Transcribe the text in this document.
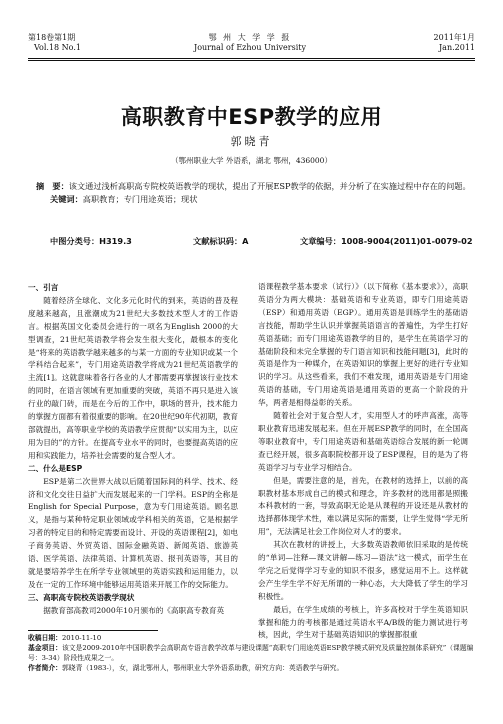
第18卷第1期
Vol.18 No.1
鄂 州 大 学 学 报
Journal of Ezhou University
2011年1月
Jan.2011
高职教育中ESP教学的应用
郭晓青
（鄂州职业大学 外语系，湖北 鄂州，436000）
摘　要：该文通过浅析高职高专院校英语教学的现状，提出了开展ESP教学的依据，并分析了在实施过程中存在的问题。
关键词：高职教育；专门用途英语；现状
中图分类号：H319.3	文献标识码：A	文章编号：1008-9004(2011)01-0079-02

一、引言

随着经济全球化、文化多元化时代的到来，英语的普及程度越来越高，且涨潮成为21世纪大多数技术型人才的工作语言。根据英国文化委员会进行的一项名为English 2000的大型调查，21世纪英语教学将会发生很大变化，最根本的变化是“将来的英语教学越来越多的与某一方面的专业知识或某一个学科结合起来”，专门用途英语教学将成为21世纪英语教学的主流[1]。这就意味着各行各业的人才都需要再掌握该行业技术的同时，在语言领域有更加重要的突破，英语不再只是进入该行业的敲门砖，而是在今后的工作中，职场的晋升，技术能力的掌握方面都有着很重要的影响。在20世纪90年代初期，教育部就提出，高等职业学校的英语教学应贯彻“以实用为主，以应用为目的”的方针。在提高专业水平的同时，也要提高英语的应用和实践能力，培养社会需要的复合型人才。

二、什么是ESP

ESP是第二次世界大战以后随着国际间的科学、技术、经济和文化交往日益扩大而发展起来的一门学科。ESP的全称是English for Special Purpose，意为专门用途英语。顾名思义，是指与某种特定职业领域或学科相关的英语，它是根据学习者的特定目的和特定需要而设计、开设的英语课程[2]，如电子商务英语、外贸英语、国际金融英语、新闻英语、旅游英语、医学英语、法律英语、计算机英语、报刊英语等，其目的就是要培养学生在所学专业领域里的英语实践和运用能力，以及在一定的工作环境中能够运用英语来开展工作的交际能力。

三、高职高专院校英语教学现状

据教育部高教司2000年10月颁布的《高职高专教育英

语课程教学基本要求（试行）》（以下简称《基本要求》），高职英语分为两大模块：基础英语和专业英语，即专门用途英语（ESP）和通用英语（EGP）。通用英语是训练学生的基础语言技能，帮助学生认识并掌握英语语言的普遍性，为学生打好英语基础；而专门用途英语教学的目的，是学生在英语学习的基础阶段和未完全掌握的专门语言知识和技能问题[3]，此时的英语是作为一种媒介，在英语知识的掌握上更好的进行专业知识的学习。从这些看来，我们不难发现，通用英语是专门用途英语的基础，专门用途英语是通用英语的更高一个阶段的升华，两者是相得益彰的关系。

随着社会对于复合型人才，实用型人才的呼声高涨，高等职业教育迅速发展起来。但在开展ESP教学的同时，在全国高等职业教育中，专门用途英语和基础英语综合发展的新一轮调查已经开展，很多高职院校都开设了ESP课程，目的是为了将英语学习与专业学习相结合。

但是，需要注意的是，首先，在教材的选择上，以前的高职教材基本形成自己的模式和理念，许多教材的选用都是照搬本科教材的一套，导致高职无论是从课程的开设还是从教材的选择都体现学术性，难以满足实际的需要，让学生觉得“学无所用”，无法满足社会工作岗位对人才的要求。

其次在教材的讲授上，大多数英语教师依旧采取的是传统的“单词—注释—课文讲解—练习—语法”这一模式，而学生在学完之后觉得学习专业的知识不很多，感觉运用不上。这样就会产生学生学不好无所谓的一种心态，大大降低了学生的学习积极性。

最后，在学生成绩的考核上，许多高校对于学生英语知识掌握和能力的考核都是通过英语水平A/B级的能力测试进行考核，因此，学生对于基础英语知识的掌握都很重

收稿日期：2010-11-10

基金项目：该文是2009-2010年中国职教学会高职高专语言教学改革与建设课题“高职专门用途英语ESP教学模式研究及质量控制体系研究”（课题编号：3-34）阶段性成果之一。

作者简介：郭晓青（1983-），女，湖北鄂州人，鄂州职业大学外语系助教，研究方向：英语教学与研究。
